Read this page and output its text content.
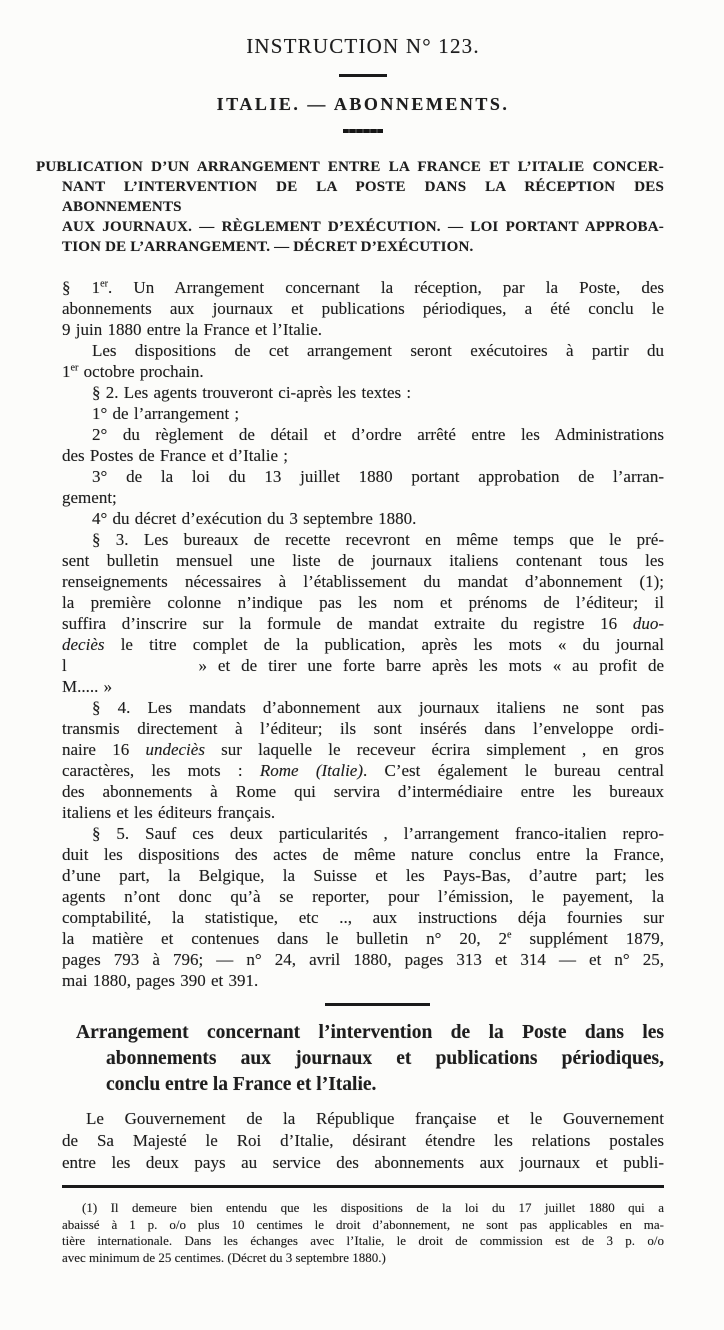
INSTRUCTION N° 123.
ITALIE. — ABONNEMENTS.
PUBLICATION D’UN ARRANGEMENT ENTRE LA FRANCE ET L’ITALIE CONCER-
NANT L’INTERVENTION DE LA POSTE DANS LA RÉCEPTION DES ABONNEMENTS
AUX JOURNAUX. — RÈGLEMENT D’EXÉCUTION. — LOI PORTANT APPROBA-
TION DE L’ARRANGEMENT. — DÉCRET D’EXÉCUTION.
§ 1er. Un Arrangement concernant la réception, par la Poste, des
abonnements aux journaux et publications périodiques, a été conclu le
9 juin 1880 entre la France et l’Italie.
Les dispositions de cet arrangement seront exécutoires à partir du
1er octobre prochain.
§ 2. Les agents trouveront ci-après les textes :
1° de l’arrangement ;
2° du règlement de détail et d’ordre arrêté entre les Administrations
des Postes de France et d’Italie ;
3° de la loi du 13 juillet 1880 portant approbation de l’arran-
gement;
4° du décret d’exécution du 3 septembre 1880.
§ 3. Les bureaux de recette recevront en même temps que le pré-
sent bulletin mensuel une liste de journaux italiens contenant tous les
renseignements nécessaires à l’établissement du mandat d’abonnement (1);
la première colonne n’indique pas les nom et prénoms de l’éditeur; il
suffira d’inscrire sur la formule de mandat extraite du registre 16 duo-
deciès le titre complet de la publication, après les mots « du journal
l            » et de tirer une forte barre après les mots « au profit de
M..... »
§ 4. Les mandats d’abonnement aux journaux italiens ne sont pas
transmis directement à l’éditeur; ils sont insérés dans l’enveloppe ordi-
naire 16 undeciès sur laquelle le receveur écrira simplement , en gros
caractères, les mots : Rome (Italie). C’est également le bureau central
des abonnements à Rome qui servira d’intermédiaire entre les bureaux
italiens et les éditeurs français.
§ 5. Sauf ces deux particularités , l’arrangement franco-italien repro-
duit les dispositions des actes de même nature conclus entre la France,
d’une part, la Belgique, la Suisse et les Pays-Bas, d’autre part; les
agents n’ont donc qu’à se reporter, pour l’émission, le payement, la
comptabilité, la statistique, etc .., aux instructions déja fournies sur
la matière et contenues dans le bulletin n° 20, 2e supplément 1879,
pages 793 à 796; — n° 24, avril 1880, pages 313 et 314 — et n° 25,
mai 1880, pages 390 et 391.
Arrangement concernant l’intervention de la Poste dans les
abonnements aux journaux et publications périodiques,
conclu entre la France et l’Italie.
Le Gouvernement de la République française et le Gouvernement
de Sa Majesté le Roi d’Italie, désirant étendre les relations postales
entre les deux pays au service des abonnements aux journaux et publi-
(1) Il demeure bien entendu que les dispositions de la loi du 17 juillet 1880 qui a
abaissé à 1 p. o/o plus 10 centimes le droit d’abonnement, ne sont pas applicables en ma-
tière internationale. Dans les échanges avec l’Italie, le droit de commission est de 3 p. o/o
avec minimum de 25 centimes. (Décret du 3 septembre 1880.)
